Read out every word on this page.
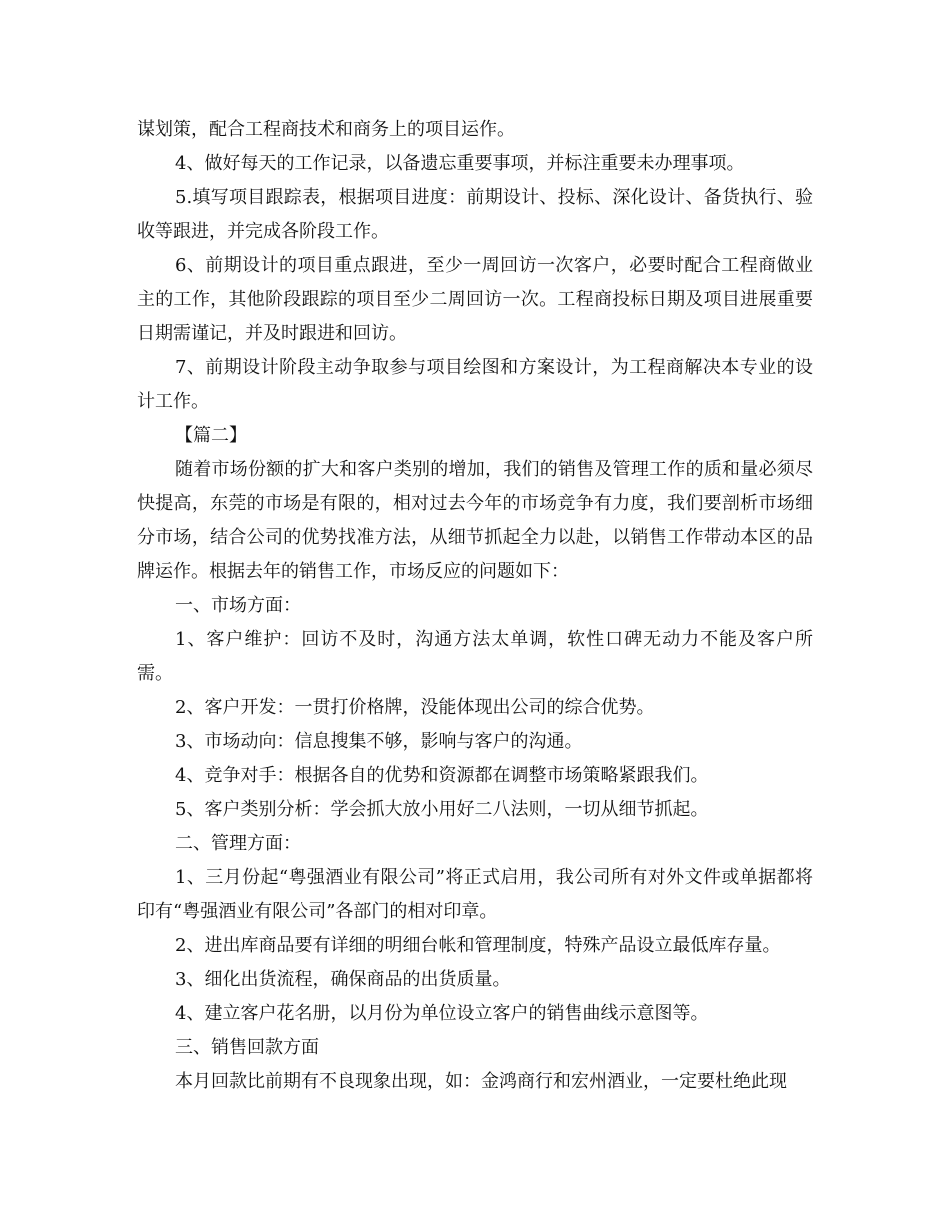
谋划策，配合工程商技术和商务上的项目运作。

4、做好每天的工作记录，以备遗忘重要事项，并标注重要未办理事项。

5.填写项目跟踪表，根据项目进度：前期设计、投标、深化设计、备货执行、验收等跟进，并完成各阶段工作。

6、前期设计的项目重点跟进，至少一周回访一次客户，必要时配合工程商做业主的工作，其他阶段跟踪的项目至少二周回访一次。工程商投标日期及项目进展重要日期需谨记，并及时跟进和回访。

7、前期设计阶段主动争取参与项目绘图和方案设计，为工程商解决本专业的设计工作。

【篇二】

随着市场份额的扩大和客户类别的增加，我们的销售及管理工作的质和量必须尽快提高，东莞的市场是有限的，相对过去今年的市场竞争有力度，我们要剖析市场细分市场，结合公司的优势找准方法，从细节抓起全力以赴，以销售工作带动本区的品牌运作。根据去年的销售工作，市场反应的问题如下：

一、市场方面：

1、客户维护：回访不及时，沟通方法太单调，软性口碑无动力不能及客户所需。

2、客户开发：一贯打价格牌，没能体现出公司的综合优势。

3、市场动向：信息搜集不够，影响与客户的沟通。

4、竞争对手：根据各自的优势和资源都在调整市场策略紧跟我们。

5、客户类别分析：学会抓大放小用好二八法则，一切从细节抓起。

二、管理方面：

1、三月份起“粤强酒业有限公司”将正式启用，我公司所有对外文件或单据都将印有“粤强酒业有限公司”各部门的相对印章。

2、进出库商品要有详细的明细台帐和管理制度，特殊产品设立最低库存量。

3、细化出货流程，确保商品的出货质量。

4、建立客户花名册，以月份为单位设立客户的销售曲线示意图等。

三、销售回款方面

本月回款比前期有不良现象出现，如：金鸿商行和宏州酒业，一定要杜绝此现
